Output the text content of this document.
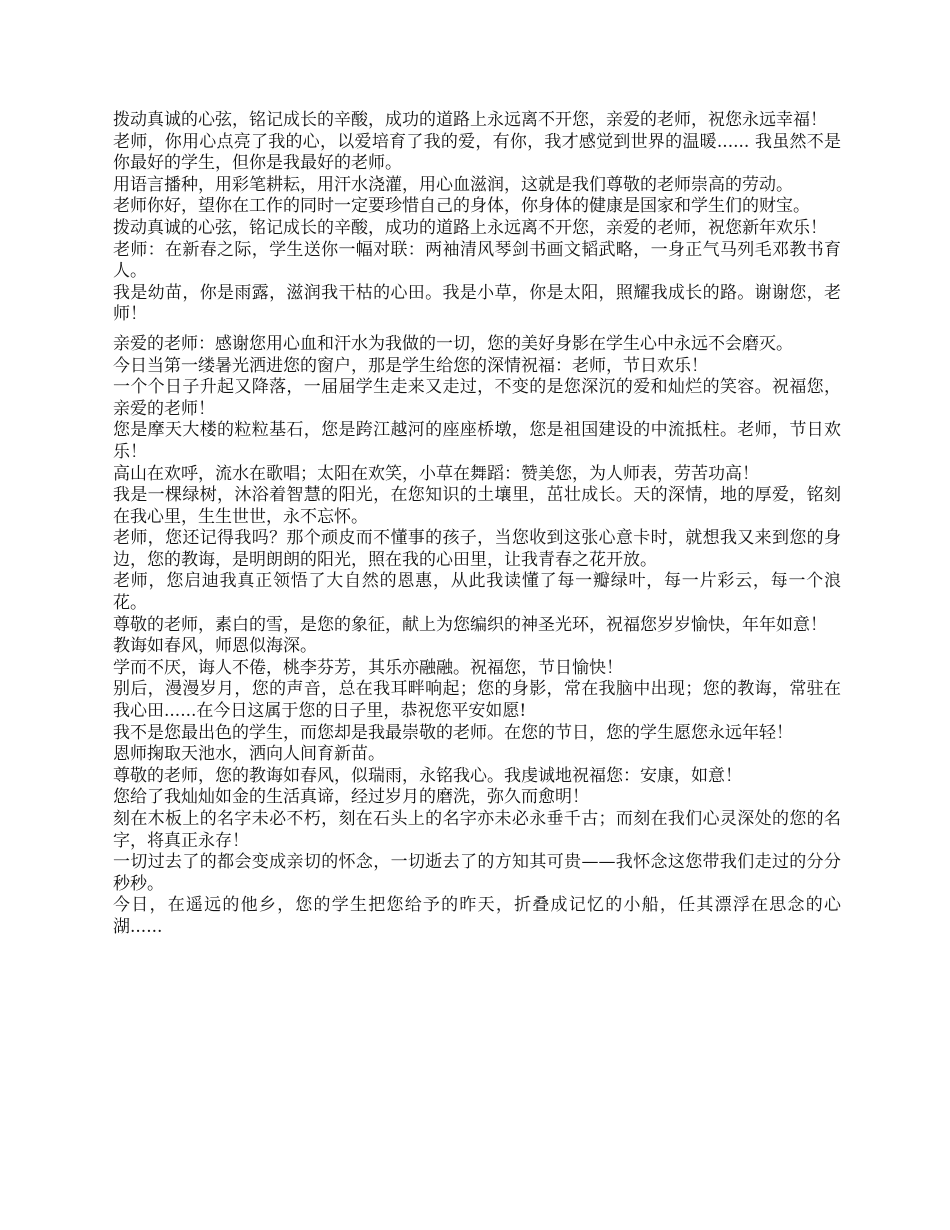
拨动真诚的心弦，铭记成长的辛酸，成功的道路上永远离不开您，亲爱的老师，祝您永远幸福！

老师，你用心点亮了我的心，以爱培育了我的爱，有你，我才感觉到世界的温暖...... 我虽然不是你最好的学生，但你是我最好的老师。

用语言播种，用彩笔耕耘，用汗水浇灌，用心血滋润，这就是我们尊敬的老师崇高的劳动。

老师你好，望你在工作的同时一定要珍惜自己的身体，你身体的健康是国家和学生们的财宝。

拨动真诚的心弦，铭记成长的辛酸，成功的道路上永远离不开您，亲爱的老师，祝您新年欢乐！

老师：在新春之际，学生送你一幅对联：两袖清风琴剑书画文韬武略，一身正气马列毛邓教书育人。

我是幼苗，你是雨露，滋润我干枯的心田。我是小草，你是太阳，照耀我成长的路。谢谢您，老师！

亲爱的老师：感谢您用心血和汗水为我做的一切，您的美好身影在学生心中永远不会磨灭。

今日当第一缕暑光洒进您的窗户，那是学生给您的深情祝福：老师，节日欢乐！

一个个日子升起又降落，一届届学生走来又走过，不变的是您深沉的爱和灿烂的笑容。祝福您，亲爱的老师！

您是摩天大楼的粒粒基石，您是跨江越河的座座桥墩，您是祖国建设的中流抵柱。老师，节日欢乐！

高山在欢呼，流水在歌唱；太阳在欢笑，小草在舞蹈：赞美您，为人师表，劳苦功高！

我是一棵绿树，沐浴着智慧的阳光，在您知识的土壤里，茁壮成长。天的深情，地的厚爱，铭刻在我心里，生生世世，永不忘怀。

老师，您还记得我吗？那个顽皮而不懂事的孩子，当您收到这张心意卡时，就想我又来到您的身边，您的教诲，是明朗朗的阳光，照在我的心田里，让我青春之花开放。

老师，您启迪我真正领悟了大自然的恩惠，从此我读懂了每一瓣绿叶，每一片彩云，每一个浪花。

尊敬的老师，素白的雪，是您的象征，献上为您编织的神圣光环，祝福您岁岁愉快，年年如意！

教诲如春风，师恩似海深。

学而不厌，诲人不倦，桃李芬芳，其乐亦融融。祝福您，节日愉快！

别后，漫漫岁月，您的声音，总在我耳畔响起；您的身影，常在我脑中出现；您的教诲，常驻在我心田......在今日这属于您的日子里，恭祝您平安如愿!

我不是您最出色的学生，而您却是我最崇敬的老师。在您的节日，您的学生愿您永远年轻！

恩师掬取天池水，洒向人间育新苗。

尊敬的老师，您的教诲如春风，似瑞雨，永铭我心。我虔诚地祝福您：安康，如意！

您给了我灿灿如金的生活真谛，经过岁月的磨洗，弥久而愈明！

刻在木板上的名字未必不朽，刻在石头上的名字亦未必永垂千古；而刻在我们心灵深处的您的名字，将真正永存！

一切过去了的都会变成亲切的怀念，一切逝去了的方知其可贵——我怀念这您带我们走过的分分秒秒。

今日，在遥远的他乡，您的学生把您给予的昨天，折叠成记忆的小船，任其漂浮在思念的心湖......
